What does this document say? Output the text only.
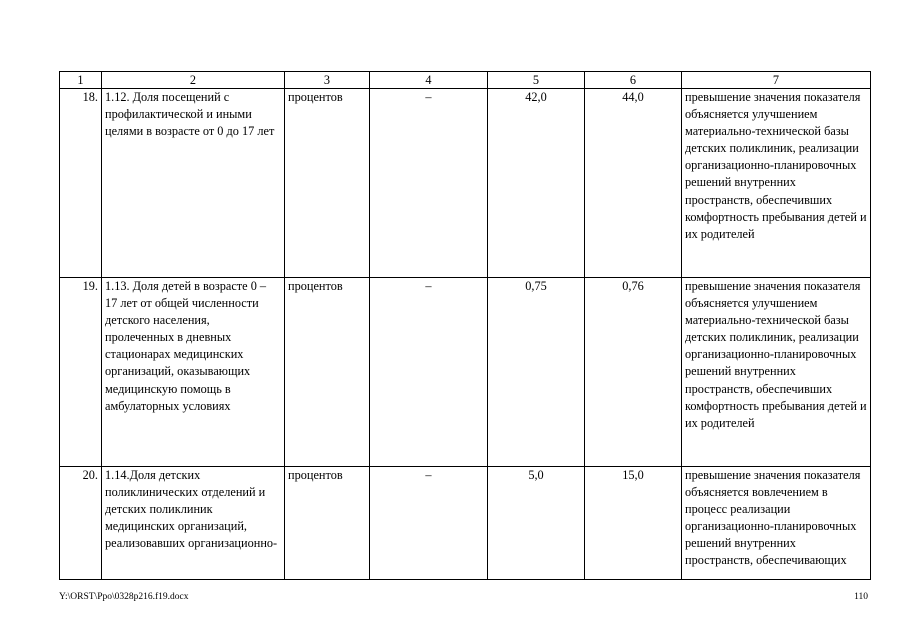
1	2	3	4	5	6	7
18.	1.12. Доля посещений с профилактической и иными целями в возрасте от 0 до 17 лет	процентов	–	42,0	44,0	превышение значения показателя объясняется улучшением материально-технической базы детских поликлиник, реализации организационно-планировочных решений внутренних пространств, обеспечивших комфортность пребывания детей и их родителей
19.	1.13. Доля детей в возрасте 0 – 17 лет от общей численности детского населения, пролеченных в дневных стационарах медицинских организаций, оказывающих медицинскую помощь в амбулаторных условиях	процентов	–	0,75	0,76	превышение значения показателя объясняется улучшением материально-технической базы детских поликлиник, реализации организационно-планировочных решений внутренних пространств, обеспечивших комфортность пребывания детей и их родителей
20.	1.14.Доля детских поликлинических отделений и детских поликлиник медицинских организаций, реализовавших организационно-	процентов	–	5,0	15,0	превышение значения показателя объясняется вовлечением в процесс реализации организационно-планировочных решений внутренних пространств, обеспечивающих
Y:\ORST\Ppo\0328p216.f19.docx	110
